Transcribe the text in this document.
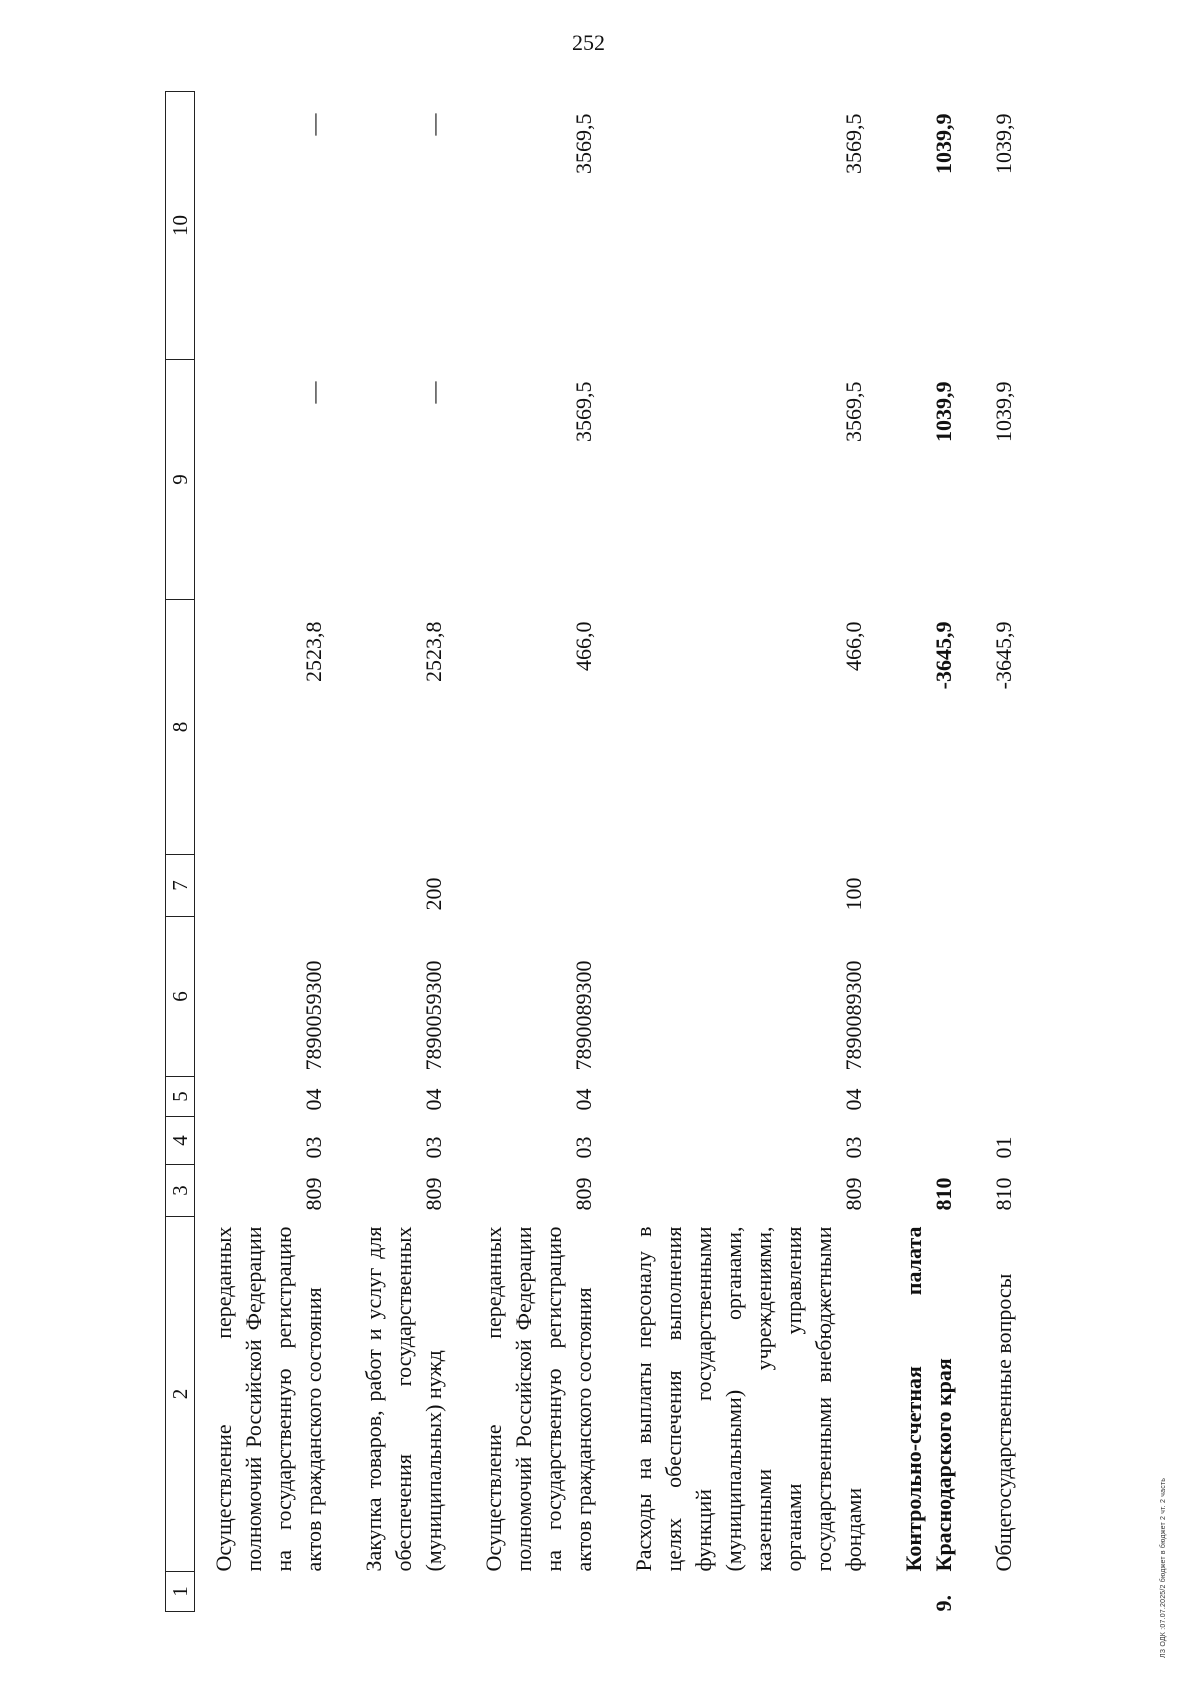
252
1	2	3	4	5	6	7	8	9	10
	Осуществление переданных полномочий Российской Федерации на государственную регистрацию актов гражданского состояния	809	03	04	7890059300		2523,8	—	—
	Закупка товаров, работ и услуг для обеспечения государственных (муниципальных) нужд	809	03	04	7890059300	200	2523,8	—	—
	Осуществление переданных полномочий Российской Федерации на государственную регистрацию актов гражданского состояния	809	03	04	7890089300		466,0	3569,5	3569,5
	Расходы на выплаты персоналу в целях обеспечения выполнения функций государственными (муниципальными) органами, казенными учреждениями, органами управления государственными внебюджетными фондами	809	03	04	7890089300	100	466,0	3569,5	3569,5
9.	Контрольно-счетная палата Краснодарского края	810					-3645,9	1039,9	1039,9
	Общегосударственные вопросы	810	01				-3645,9	1039,9	1039,9
ЛЗ ОДК :07.07.2025/2 бюджет в бюджет 2 чт. 2 часть
